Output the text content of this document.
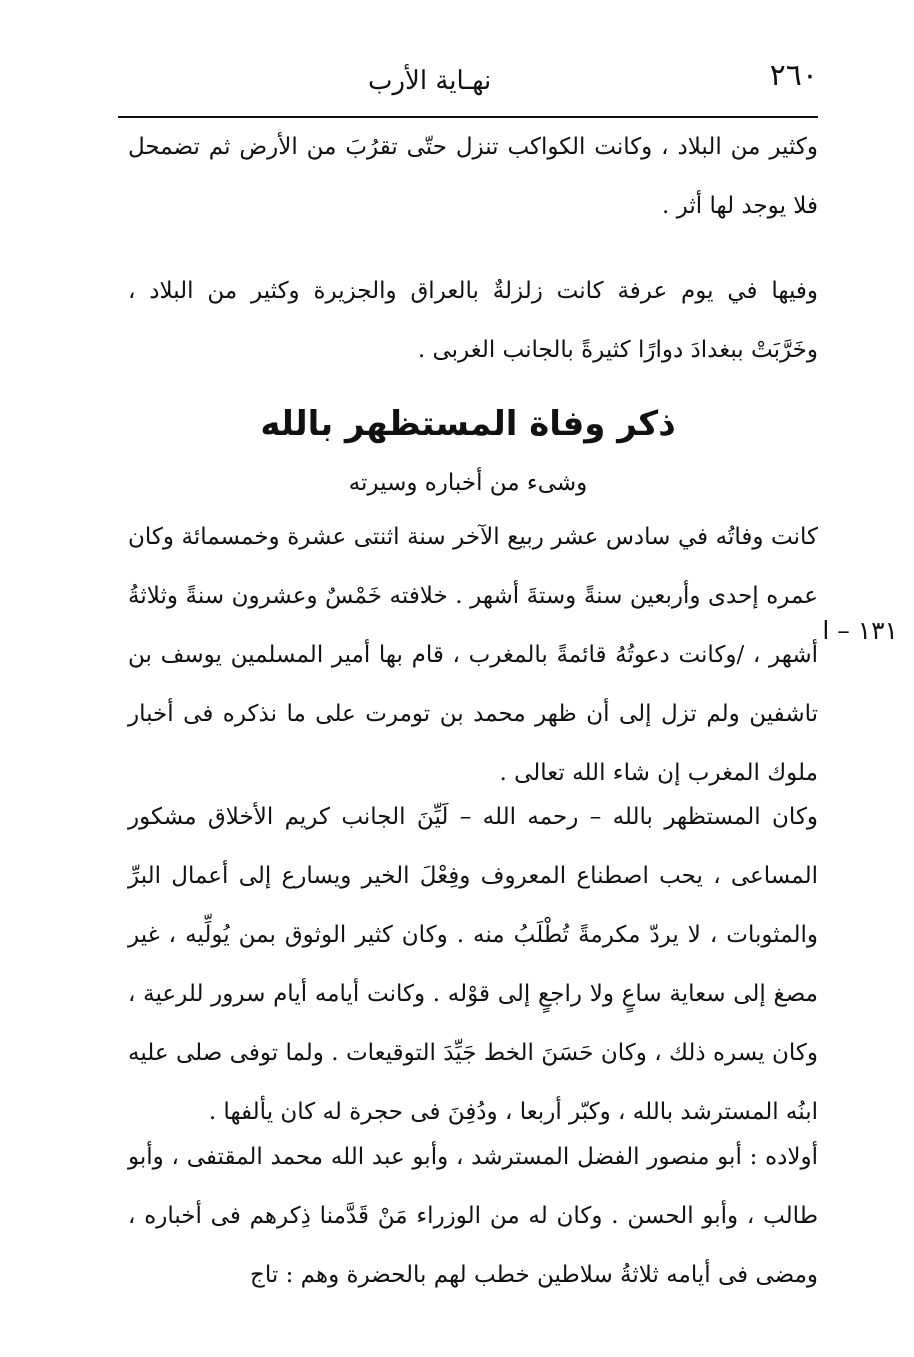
٢٦٠
نهـاية الأرب

وكثير من البلاد ، وكانت الكواكب تنزل حتّى تقرُبَ من الأرض ثم تضمحل فلا يوجد لها أثر .

وفيها في يوم عرفة كانت زلزلةٌ بالعراق والجزيرة وكثير من البلاد ، وخَرَّبَتْ ببغدادَ دوارًا كثيرةً بالجانب الغربى .

ذكر وفاة المستظهر بالله
وشىء من أخباره وسيرته

كانت وفاتُه في سادس عشر ربيع الآخر سنة اثنتى عشرة وخمسمائة وكان عمره إحدى وأربعين سنةً وستةَ أشهر . خلافته خَمْسٌ وعشرون سنةً وثلاثةُ أشهر ، /وكانت دعوتُهُ قائمةً بالمغرب ، قام بها أمير المسلمين يوسف بن تاشفين ولم تزل إلى أن ظهر محمد بن تومرت على ما نذكره فى أخبار ملوك المغرب إن شاء الله تعالى .

١٣١ – ا

وكان المستظهر بالله – رحمه الله – لَيِّنَ الجانب كريم الأخلاق مشكور المساعى ، يحب اصطناع المعروف وفِعْلَ الخير ويسارع إلى أعمال البرِّ والمثوبات ، لا يردّ مكرمةً تُطْلَبُ منه . وكان كثير الوثوق بمن يُولِّيه ، غير مصغ إلى سعاية ساعٍ ولا راجعٍ إلى قوْله . وكانت أيامه أيام سرور للرعية ، وكان يسره ذلك ، وكان حَسَنَ الخط جَيِّدَ التوقيعات . ولما توفى صلى عليه ابنُه المسترشد بالله ، وكبّر أربعا ، ودُفِنَ فى حجرة له كان يألفها .

أولاده : أبو منصور الفضل المسترشد ، وأبو عبد الله محمد المقتفى ، وأبو طالب ، وأبو الحسن . وكان له من الوزراء مَنْ قَدَّمنا ذِكرهم فى أخباره ، ومضى فى أيامه ثلاثةُ سلاطين خطب لهم بالحضرة وهم : تاج
